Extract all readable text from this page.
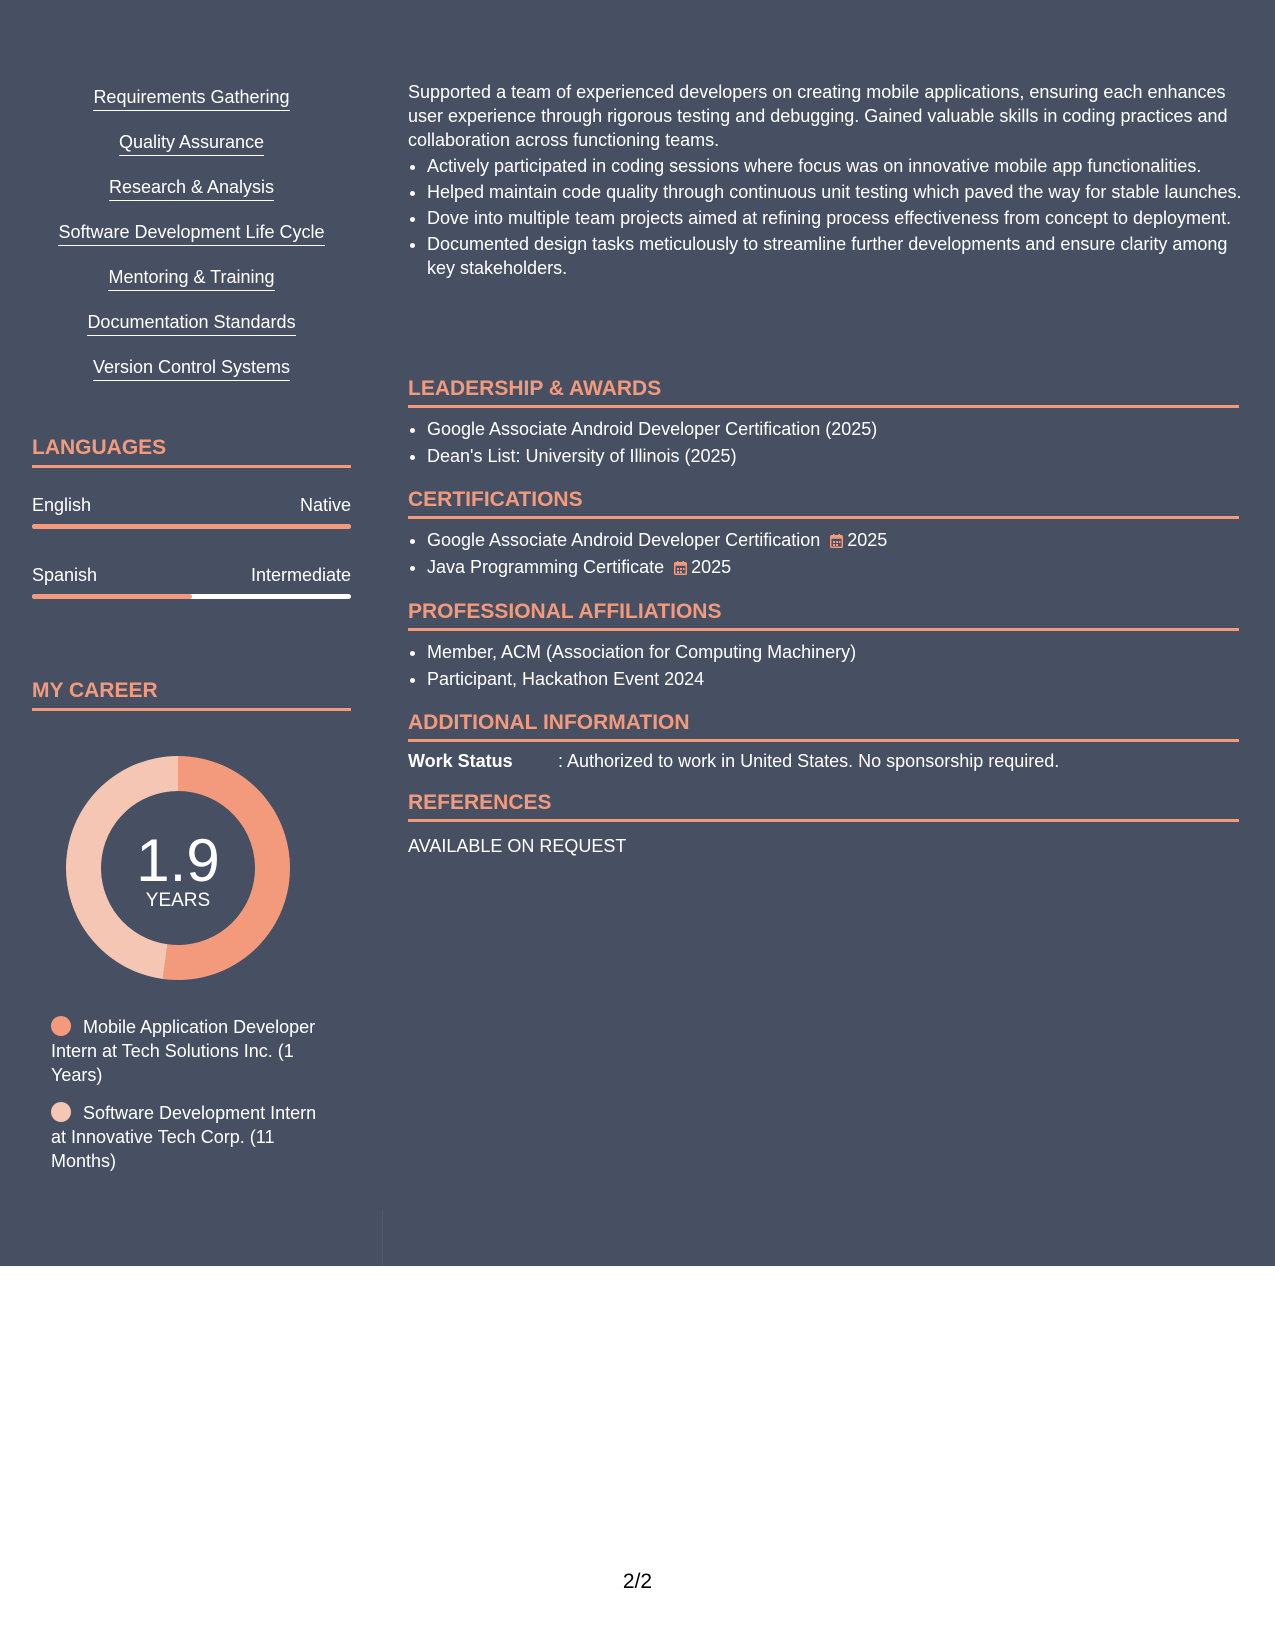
Requirements Gathering
Quality Assurance
Research & Analysis
Software Development Life Cycle
Mentoring & Training
Documentation Standards
Version Control Systems
LANGUAGES
English	Native
Spanish	Intermediate
MY CAREER
1.9
YEARS
Mobile Application Developer Intern at Tech Solutions Inc. (1 Years)
Software Development Intern at Innovative Tech Corp. (11 Months)
Supported a team of experienced developers on creating mobile applications, ensuring each enhances user experience through rigorous testing and debugging. Gained valuable skills in coding practices and collaboration across functioning teams.
• Actively participated in coding sessions where focus was on innovative mobile app functionalities.
• Helped maintain code quality through continuous unit testing which paved the way for stable launches.
• Dove into multiple team projects aimed at refining process effectiveness from concept to deployment.
• Documented design tasks meticulously to streamline further developments and ensure clarity among key stakeholders.
LEADERSHIP & AWARDS
• Google Associate Android Developer Certification (2025)
• Dean's List: University of Illinois (2025)
CERTIFICATIONS
• Google Associate Android Developer Certification 2025
• Java Programming Certificate 2025
PROFESSIONAL AFFILIATIONS
• Member, ACM (Association for Computing Machinery)
• Participant, Hackathon Event 2024
ADDITIONAL INFORMATION
Work Status	: Authorized to work in United States. No sponsorship required.
REFERENCES
AVAILABLE ON REQUEST
2/2
